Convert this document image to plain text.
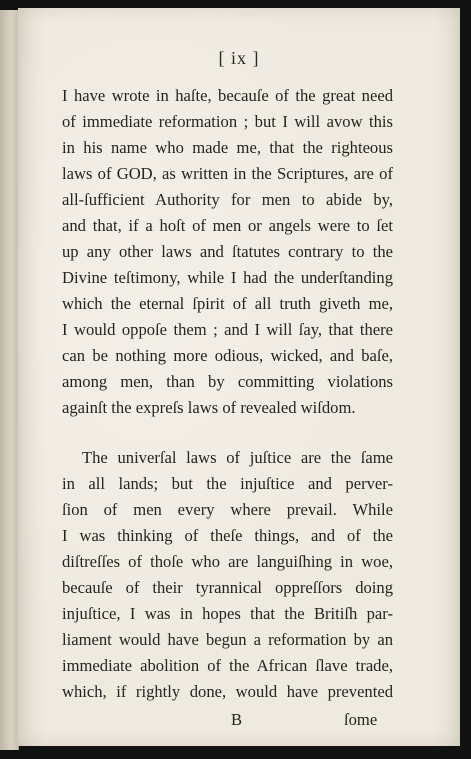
[ ix ]
I have wrote in haſte, becauſe of the great need
of immediate reformation ; but I will avow this
in his name who made me, that the righteous
laws of GOD, as written in the Scriptures, are of
all-ſufficient Authority for men to abide by,
and that, if a hoſt of men or angels were to ſet
up any other laws and ſtatutes contrary to the
Divine teſtimony, while I had the underſtanding
which the eternal ſpirit of all truth giveth me,
I would oppoſe them ; and I will ſay, that there
can be nothing more odious, wicked, and baſe,
among men, than by committing violations
againſt the expreſs laws of revealed wiſdom.
The univerſal laws of juſtice are the ſame
in all lands; but the injuſtice and perver-
ſion of men every where prevail. While
I was thinking of theſe things, and of the
diſtreſſes of thoſe who are languiſhing in woe,
becauſe of their tyrannical oppreſſors doing
injuſtice, I was in hopes that the Britiſh par-
liament would have begun a reformation by an
immediate abolition of the African ſlave trade,
which, if rightly done, would have prevented
B	ſome
